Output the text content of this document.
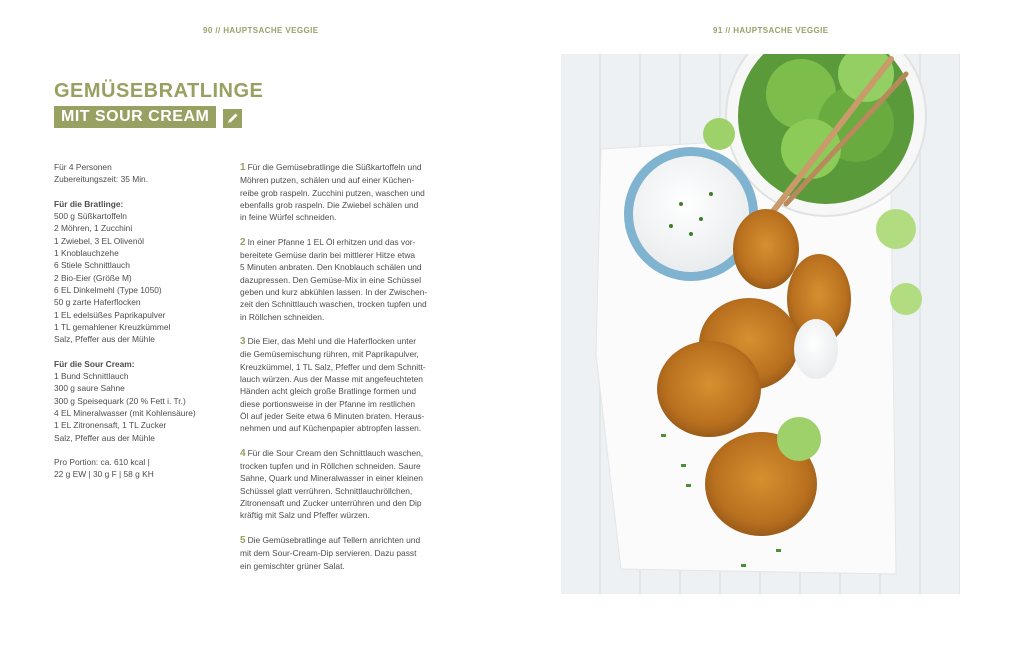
90 // HAUPTSACHE VEGGIE	91 // HAUPTSACHE VEGGIE
GEMÜSEBRATLINGE
MIT SOUR CREAM
Für 4 Personen
Zubereitungszeit: 35 Min.
Für die Bratlinge:
500 g Süßkartoffeln
2 Möhren, 1 Zucchini
1 Zwiebel, 3 EL Olivenöl
1 Knoblauchzehe
6 Stiele Schnittlauch
2 Bio-Eier (Größe M)
6 EL Dinkelmehl (Type 1050)
50 g zarte Haferflocken
1 EL edelsüßes Paprikapulver
1 TL gemahlener Kreuzkümmel
Salz, Pfeffer aus der Mühle
Für die Sour Cream:
1 Bund Schnittlauch
300 g saure Sahne
300 g Speisequark (20 % Fett i. Tr.)
4 EL Mineralwasser (mit Kohlensäure)
1 EL Zitronensaft, 1 TL Zucker
Salz, Pfeffer aus der Mühle
Pro Portion: ca. 610 kcal |
22 g EW | 30 g F | 58 g KH
1 Für die Gemüsebratlinge die Süßkartoffeln und
Möhren putzen, schälen und auf einer Küchen-
reibe grob raspeln. Zucchini putzen, waschen und
ebenfalls grob raspeln. Die Zwiebel schälen und
in feine Würfel schneiden.
2 In einer Pfanne 1 EL Öl erhitzen und das vor-
bereitete Gemüse darin bei mittlerer Hitze etwa
5 Minuten anbraten. Den Knoblauch schälen und
dazupressen. Den Gemüse-Mix in eine Schüssel
geben und kurz abkühlen lassen. In der Zwischen-
zeit den Schnittlauch waschen, trocken tupfen und
in Röllchen schneiden.
3 Die Eier, das Mehl und die Haferflocken unter
die Gemüsemischung rühren, mit Paprikapulver,
Kreuzkümmel, 1 TL Salz, Pfeffer und dem Schnitt-
lauch würzen. Aus der Masse mit angefeuchteten
Händen acht gleich große Bratlinge formen und
diese portionsweise in der Pfanne im restlichen
Öl auf jeder Seite etwa 6 Minuten braten. Heraus-
nehmen und auf Küchenpapier abtropfen lassen.
4 Für die Sour Cream den Schnittlauch waschen,
trocken tupfen und in Röllchen schneiden. Saure
Sahne, Quark und Mineralwasser in einer kleinen
Schüssel glatt verrühren. Schnittlauchröllchen,
Zitronensaft und Zucker unterrühren und den Dip
kräftig mit Salz und Pfeffer würzen.
5 Die Gemüsebratlinge auf Tellern anrichten und
mit dem Sour-Cream-Dip servieren. Dazu passt
ein gemischter grüner Salat.
